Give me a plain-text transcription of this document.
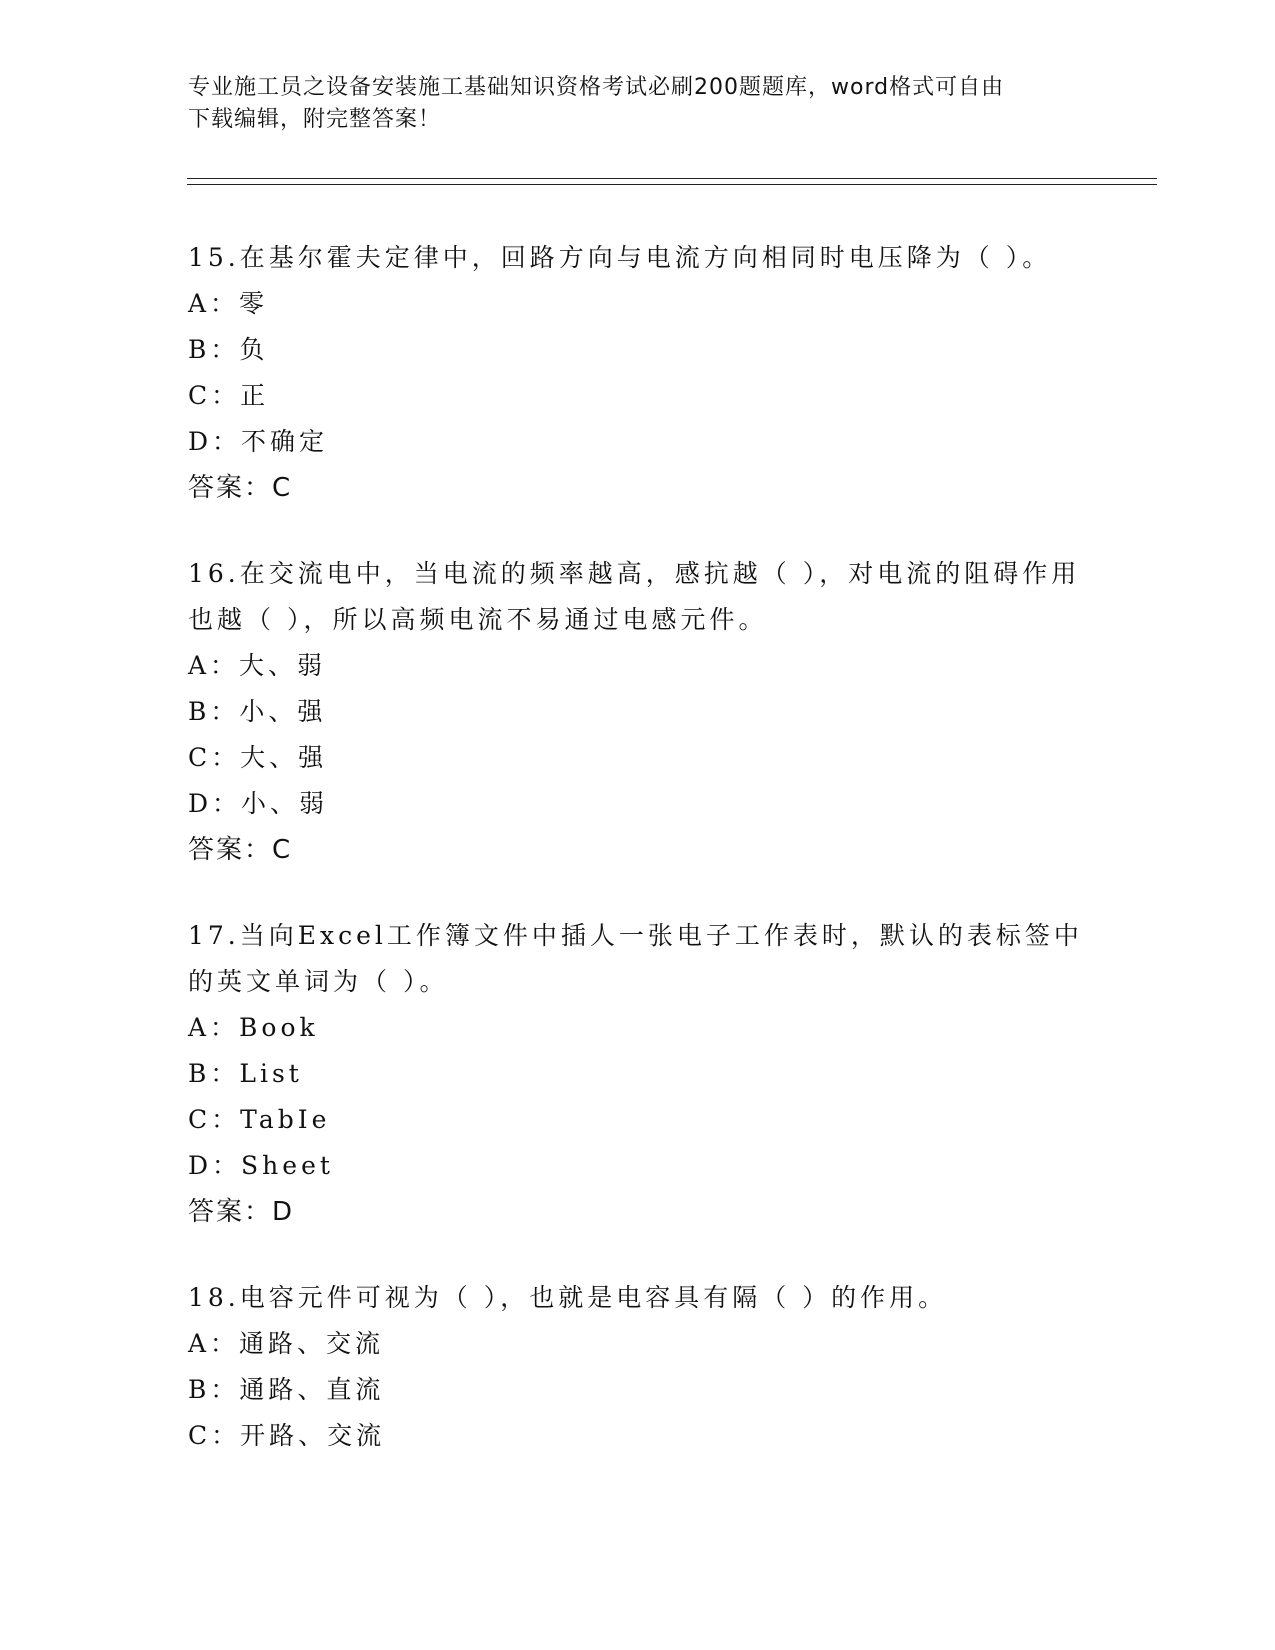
专业施工员之设备安装施工基础知识资格考试必刷200题题库，word格式可自由
下载编辑，附完整答案！

15.在基尔霍夫定律中，回路方向与电流方向相同时电压降为（ ）。

A：零
B：负
C：正
D：不确定
答案：C

16.在交流电中，当电流的频率越高，感抗越（ ），对电流的阻碍作用也越（ ），所以高频电流不易通过电感元件。

A：大、弱
B：小、强
C：大、强
D：小、弱
答案：C

17.当向Excel工作簿文件中插人一张电子工作表时，默认的表标签中的英文单词为（ ）。

A：Book
B：List
C：TabIe
D：Sheet
答案：D

18.电容元件可视为（ ），也就是电容具有隔（ ）的作用。

A：通路、交流
B：通路、直流
C：开路、交流
